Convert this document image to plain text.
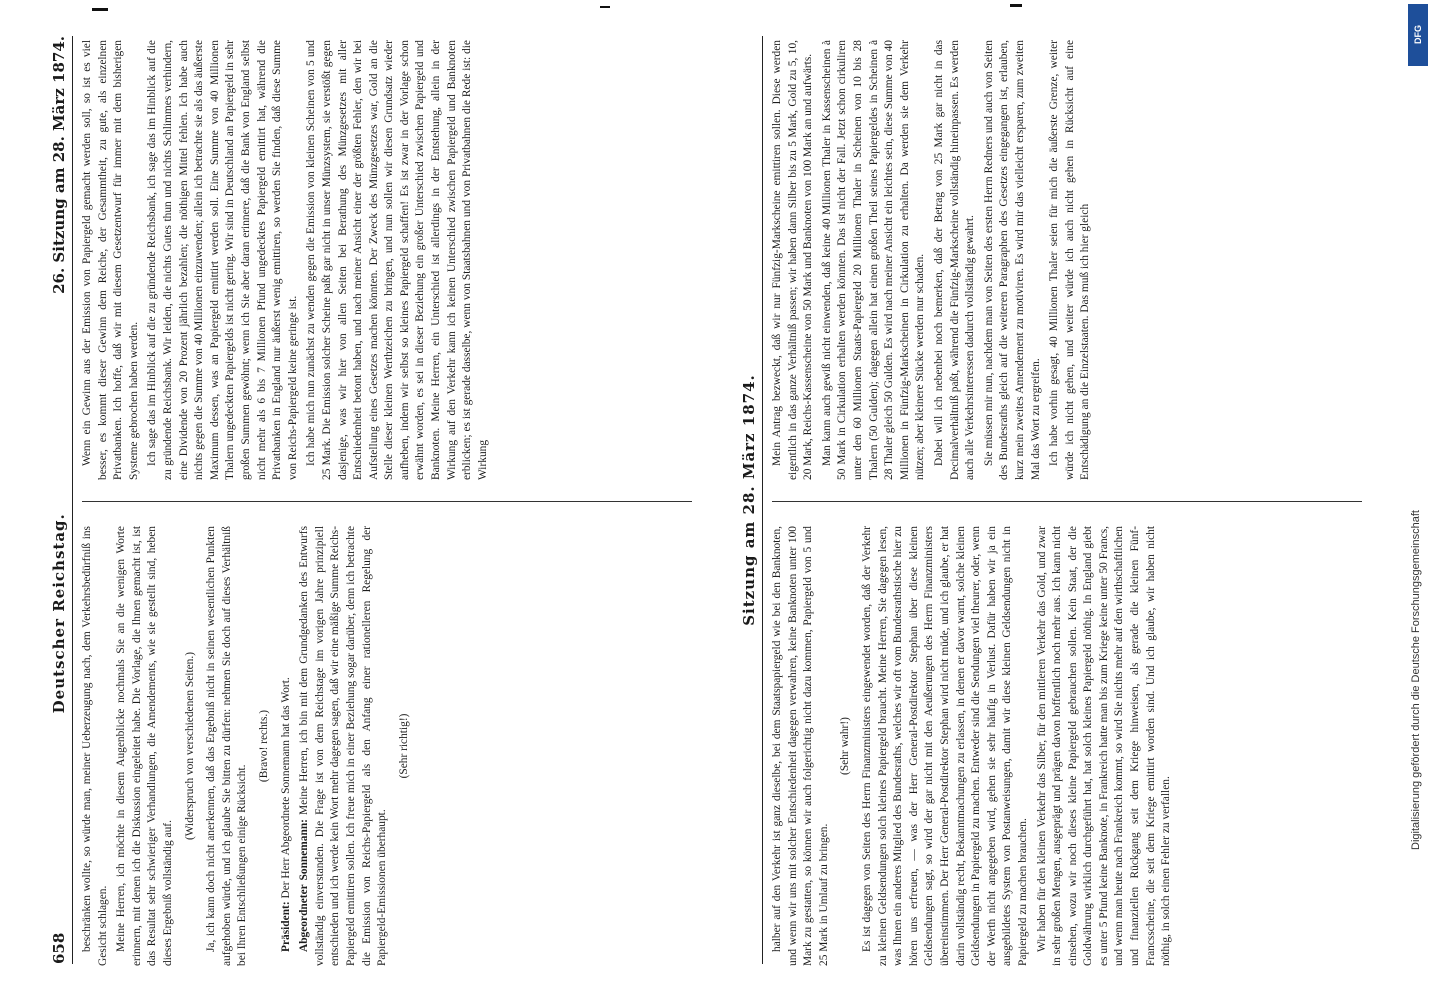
658
Deutscher Reichstag.
26. Sitzung am 28. März 1874.

beschränken wollte, so würde man, meiner Ueberzeugung nach, dem Verkehrsbedürfniß ins Gesicht schlagen. Meine Herren, ich möchte in diesem Augenblicke nochmals Sie an die wenigen Worte erinnern, mit denen ich die Diskussion eingeleitet habe. Die Vorlage, die Ihnen gemacht ist, ist das Resultat sehr schwieriger Verhandlungen, die Amendements, wie sie gestellt sind, heben dieses Ergebniß vollständig auf.

(Widerspruch von verschiedenen Seiten.) Ja, ich kann doch nicht anerkennen, daß das Ergebniß nicht in seinen wesentlichen Punkten aufgehoben würde, und ich glaube Sie bitten zu dürfen: nehmen Sie doch auf dieses Verhältniß bei Ihren Entschließungen einige Rücksicht.

(Bravo! rechts.)

Präsident: Der Herr Abgeordnete Sonnemann hat das Wort. Abgeordneter Sonnemann: Meine Herren, ich bin mit dem Grundgedanken des Entwurfs vollständig einverstanden. Die Frage ist von dem Reichstage im vorigen Jahre prinzipiell entschieden und ich werde kein Wort mehr dagegen sagen, daß wir eine mäßige Summe Reichs-Papiergeld emittiren sollen. Ich freue mich in einer Beziehung sogar darüber, denn ich betrachte die Emission von Reichs-Papiergeld als den Anfang einer rationelleren Regelung der Papiergeld-Emissionen überhaupt.

(Sehr richtig!)

Wenn ein Gewinn aus der Emission von Papiergeld gemacht werden soll, so ist es viel besser, es kommt dieser Gewinn dem Reiche, der Gesammtheit, zu gute, als einzelnen Privatbanken. Ich hoffe, daß wir mit diesem Gesetzentwurf für immer mit dem bisherigen Systeme gebrochen haben werden. Ich sage das im Hinblick auf die zu gründende Reichsbank, ich sage das im Hinblick auf die zu gründende Reichsbank. Wir leiden, die nichts Gutes thun und nichts Schlimmes verhindern, eine Dividende von 20 Prozent jährlich bezahlen; die nöthigen Mittel fehlen. Ich habe auch nichts gegen die Summe von 40 Millionen einzuwenden; allein ich betrachte sie als das äußerste Maximum dessen, was an Papiergeld emittirt werden soll. Eine Summe von 40 Millionen Thalern ungedeckten Papiergelds ist nicht gering. Wir sind in Deutschland an Papiergeld in sehr großen Summen gewöhnt; wenn ich Sie aber daran erinnere, daß die Bank von England selbst nicht mehr als 6 bis 7 Millionen Pfund ungedecktes Papiergeld emittirt hat, während die Privatbanken in England nur äußerst wenig emittiren, so werden Sie finden, daß diese Summe von Reichs-Papiergeld keine geringe ist. Ich habe mich nun zunächst zu wenden gegen die Emission von kleinen Scheinen von 5 und 25 Mark. Die Emission solcher Scheine paßt gar nicht in unser Münzsystem, sie verstößt gegen dasjenige, was wir hier von allen Seiten bei Berathung des Münzgesetzes mit aller Entschiedenheit betont haben, und nach meiner Ansicht einer der größten Fehler, den wir bei Aufstellung eines Gesetzes machen könnten. Der Zweck des Münzgesetzes war, Gold an die Stelle dieser kleinen Werthzeichen zu bringen, und nun sollen wir diesen Grundsatz wieder aufheben, indem wir selbst so kleines Papiergeld schaffen! Es ist zwar in der Vorlage schon erwähnt worden, es sei in dieser Beziehung ein großer Unterschied zwischen Papiergeld und Banknoten. Meine Herren, ein Unterschied ist allerdings in der Entstehung, allein in der Wirkung auf den Verkehr kann ich keinen Unterschied zwischen Papiergeld und Banknoten erblicken; es ist gerade dasselbe, wenn von Staatsbahnen und von Privatbahnen die Rede ist: die Wirkung	Sitzung am 28. März 1874.

halber auf den Verkehr ist ganz dieselbe, bei dem Staatspapiergeld wie bei den Banknoten, und wenn wir uns mit solcher Entschiedenheit dagegen verwahren, keine Banknoten unter 100 Mark zu gestatten, so können wir auch folgerichtig nicht dazu kommen, Papiergeld von 5 und 25 Mark in Umlauf zu bringen.

(Sehr wahr!) Es ist dagegen von Seiten des Herrn Finanzministers eingewendet worden, daß der Verkehr zu kleinen Geldsendungen solch kleines Papiergeld braucht. Meine Herren, Sie dagegen lesen, was Ihnen ein anderes Mitglied des Bundesraths, welches wir oft vom Bundesrathstische hier zu hören uns erfreuen, — was der Herr General-Postdirektor Stephan über diese kleinen Geldsendungen sagt, so wird der gar nicht mit den Aeußerungen des Herrn Finanzministers übereinstimmen. Der Herr General-Postdirektor Stephan wird nicht müde, und ich glaube, er hat darin vollständig recht, Bekanntmachungen zu erlassen, in denen er davor warnt, solche kleinen Geldsendungen in Papiergeld zu machen. Entweder sind die Sendungen viel theurer, oder, wenn der Werth nicht angegeben wird, gehen sie sehr häufig in Verlust. Dafür haben wir ja ein ausgebildetes System von Postanweisungen, damit wir diese kleinen Geldsendungen nicht in Papiergeld zu machen brauchen. Wir haben für den kleinen Verkehr das Silber, für den mittleren Verkehr das Gold, und zwar in sehr großen Mengen, ausgeprägt und prägen davon hoffentlich noch mehr aus. Ich kann nicht einsehen, wozu wir noch dieses kleine Papiergeld gebrauchen sollen. Kein Staat, der die Goldwährung wirklich durchgeführt hat, hat solch kleines Papiergeld nöthig. In England giebt es unter 5 Pfund keine Banknote, in Frankreich hatte man bis zum Kriege keine unter 50 Francs, und wenn man heute nach Frankreich kommt, so wird Sie nichts mehr auf den wirthschaftlichen und finanziellen Rückgang seit dem Kriege hinweisen, als gerade die kleinen Fünf-Francsscheine, die seit dem Kriege emittirt worden sind. Und ich glaube, wir haben nicht nöthig, in solch einen Fehler zu verfallen.

Mein Antrag bezweckt, daß wir nur Fünfzig-Markscheine emittiren sollen. Diese werden eigentlich in das ganze Verhältniß passen; wir haben dann Silber bis zu 5 Mark, Gold zu 5, 10, 20 Mark, Reichs-Kassenscheine von 50 Mark und Banknoten von 100 Mark an und aufwärts. Man kann auch gewiß nicht einwenden, daß keine 40 Millionen Thaler in Kassenscheinen à 50 Mark in Cirkulation erhalten werden könnten. Das ist nicht der Fall. Jetzt schon cirkuliren unter den 60 Millionen Staats-Papiergeld 20 Millionen Thaler in Scheinen von 10 bis 28 Thalern (50 Gulden); dagegen allein hat einen großen Theil seines Papiergeldes in Scheinen à 28 Thaler gleich 50 Gulden. Es wird nach meiner Ansicht ein leichtes sein, diese Summe von 40 Millionen in Fünfzig-Markscheinen in Cirkulation zu erhalten. Da werden sie dem Verkehr nützen; aber kleinere Stücke werden nur schaden. Dabei will ich nebenbei noch bemerken, daß der Betrag von 25 Mark gar nicht in das Decimalverhältniß paßt, während die Fünfzig-Markscheine vollständig hineinpassen. Es werden auch alle Verkehrsinteressen dadurch vollständig gewahrt. Sie müssen mir nun, nachdem man von Seiten des ersten Herrn Redners und auch von Seiten des Bundesraths gleich auf die weiteren Paragraphen des Gesetzes eingegangen ist, erlauben, kurz mein zweites Amendement zu motiviren. Es wird mir das vielleicht ersparen, zum zweiten Mal das Wort zu ergreifen. Ich habe vorhin gesagt, 40 Millionen Thaler seien für mich die äußerste Grenze, weiter würde ich nicht gehen, und weiter würde ich auch nicht gehen in Rücksicht auf eine Entschädigung an die Einzelstaaten. Das muß ich hier gleich

DFG
Digitalisierung gefördert durch die Deutsche Forschungsgemeinschaft
